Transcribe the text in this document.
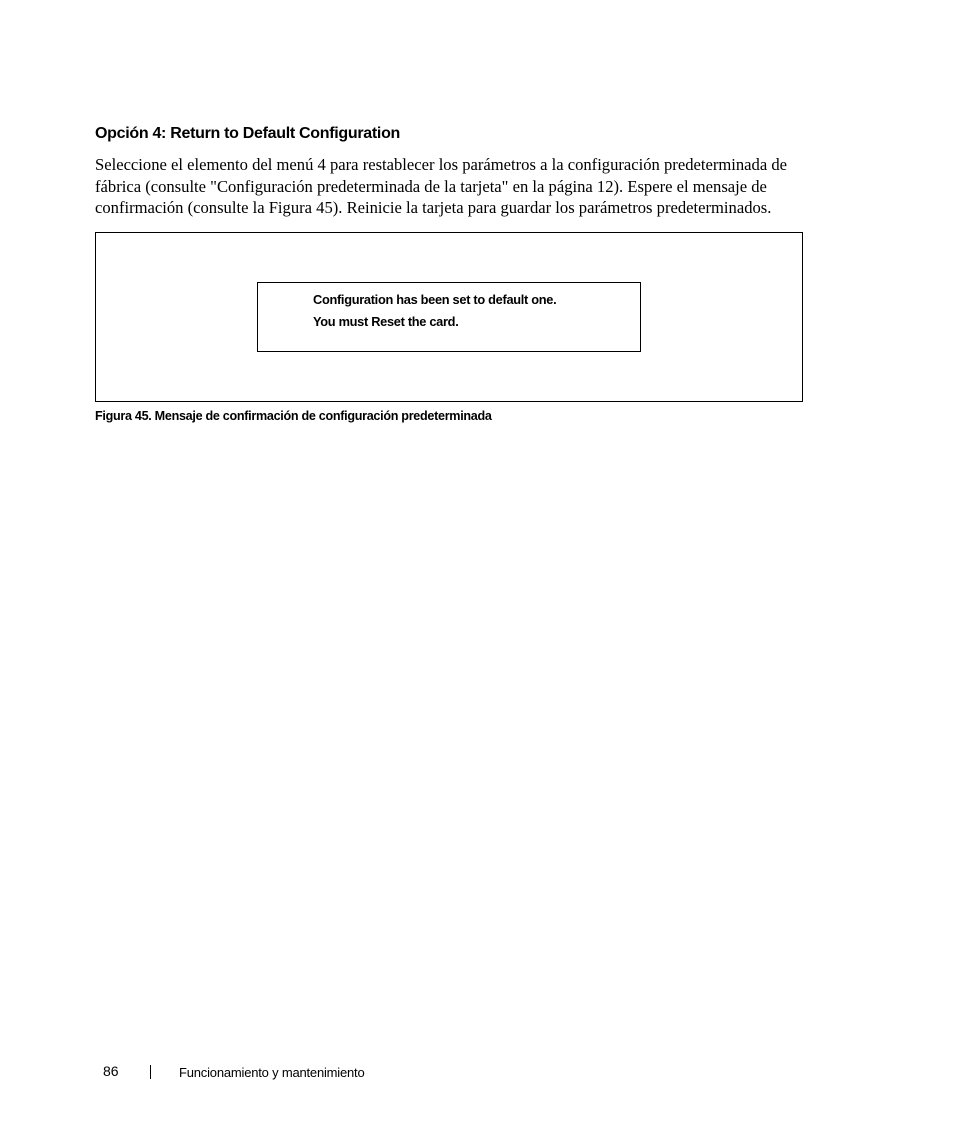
Opción 4: Return to Default Configuration

Seleccione el elemento del menú 4 para restablecer los parámetros a la configuración predeterminada de

fábrica (consulte "Configuración predeterminada de la tarjeta" en la página 12). Espere el mensaje de

confirmación (consulte la Figura 45). Reinicie la tarjeta para guardar los parámetros predeterminados.

Configuration has been set to default one.
You must Reset the card.
Figura 45. Mensaje de confirmación de configuración predeterminada
86	Funcionamiento y mantenimiento
